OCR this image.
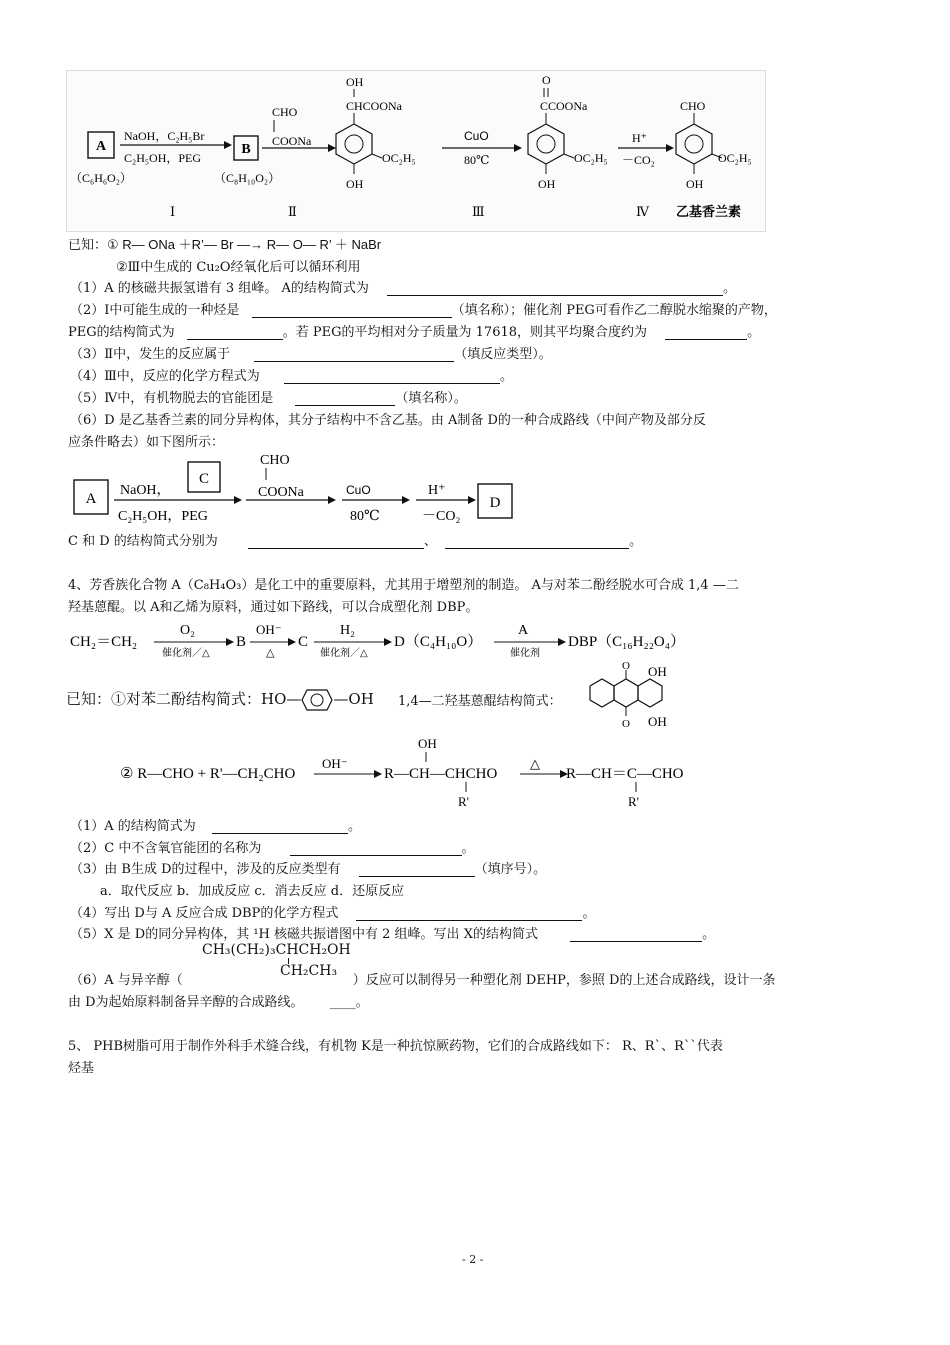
A
（C₆H₆O₂）
NaOH，C₂H₅Br
C₂H₅OH，PEG
B
（C₈H₁₀O₂）
CHO
COONa
OH
CHCOONa
OC₂H₅
OH
CuO
80℃
O
CCOONa
OC₂H₅
OH
H⁺
－CO₂
CHO
OC₂H₅
OH
Ⅰ	Ⅱ	Ⅲ	Ⅳ 乙基香兰素
已知：① R— ONa ＋R’— Br —→ R— O— R’ ＋ NaBr
②Ⅲ中生成的 Cu₂O经氧化后可以循环利用
（1）A 的核磁共振氢谱有 3 组峰。 A的结构简式为	。
（2）Ⅰ中可能生成的一种烃是	（填名称）；催化剂 PEG可看作乙二醇脱水缩聚的产物，
PEG的结构简式为	。若 PEG的平均相对分子质量为 17618，则其平均聚合度约为	。
（3）Ⅱ中，发生的反应属于	（填反应类型）。
（4）Ⅲ中，反应的化学方程式为	。
（5）Ⅳ中，有机物脱去的官能团是	（填名称）。
（6）D 是乙基香兰素的同分异构体，其分子结构中不含乙基。由 A制备 D的一种合成路线（中间产物及部分反
应条件略去）如下图所示：
A
NaOH，
C
C₂H₅OH，PEG
CHO
COONa	CuO
80℃
H⁺
－CO₂
D
C 和 D 的结构简式分别为	、	。
4、芳香族化合物 A（C₈H₄O₃）是化工中的重要原料，尤其用于增塑剂的制造。 A与对苯二酚经脱水可合成 1,4 —二
羟基蒽醌。以 A和乙烯为原料，通过如下路线，可以合成塑化剂 DBP。
CH₂＝CH₂
O₂
催化剂／△
B
OH⁻
△
C
H₂
催化剂／△
D（C₄H₁₀O）
A
催化剂
DBP（C₁₆H₂₂O₄）
已知：①对苯二酚结构简式：HO— —OH 1,4—二羟基蒽醌结构简式：
O
O
OH
OH
② R—CHO + R'—CH₂CHO
OH⁻
OH
R—CH—CHCHO
R'
△
R—CH＝C—CHO
R'
（1）A 的结构简式为	。
（2）C 中不含氧官能团的名称为	。
（3）由 B生成 D的过程中，涉及的反应类型有	（填序号）。
a．取代反应 b．加成反应 c．消去反应 d．还原反应
（4）写出 D与 A 反应合成 DBP的化学方程式	。
（5）X 是 D的同分异构体，其 ¹H 核磁共振谱图中有 2 组峰。写出 X的结构简式	。
CH₃(CH₂)₃CHCH₂OH
CH₂CH₃
（6）A 与异辛醇（	）反应可以制得另一种塑化剂 DEHP，参照 D的上述合成路线，设计一条
由 D为起始原料制备异辛醇的合成路线。 ____。
5、 PHB树脂可用于制作外科手术缝合线，有机物 K是一种抗惊厥药物，它们的合成路线如下： R、R`、R``代表
烃基
- 2 -
